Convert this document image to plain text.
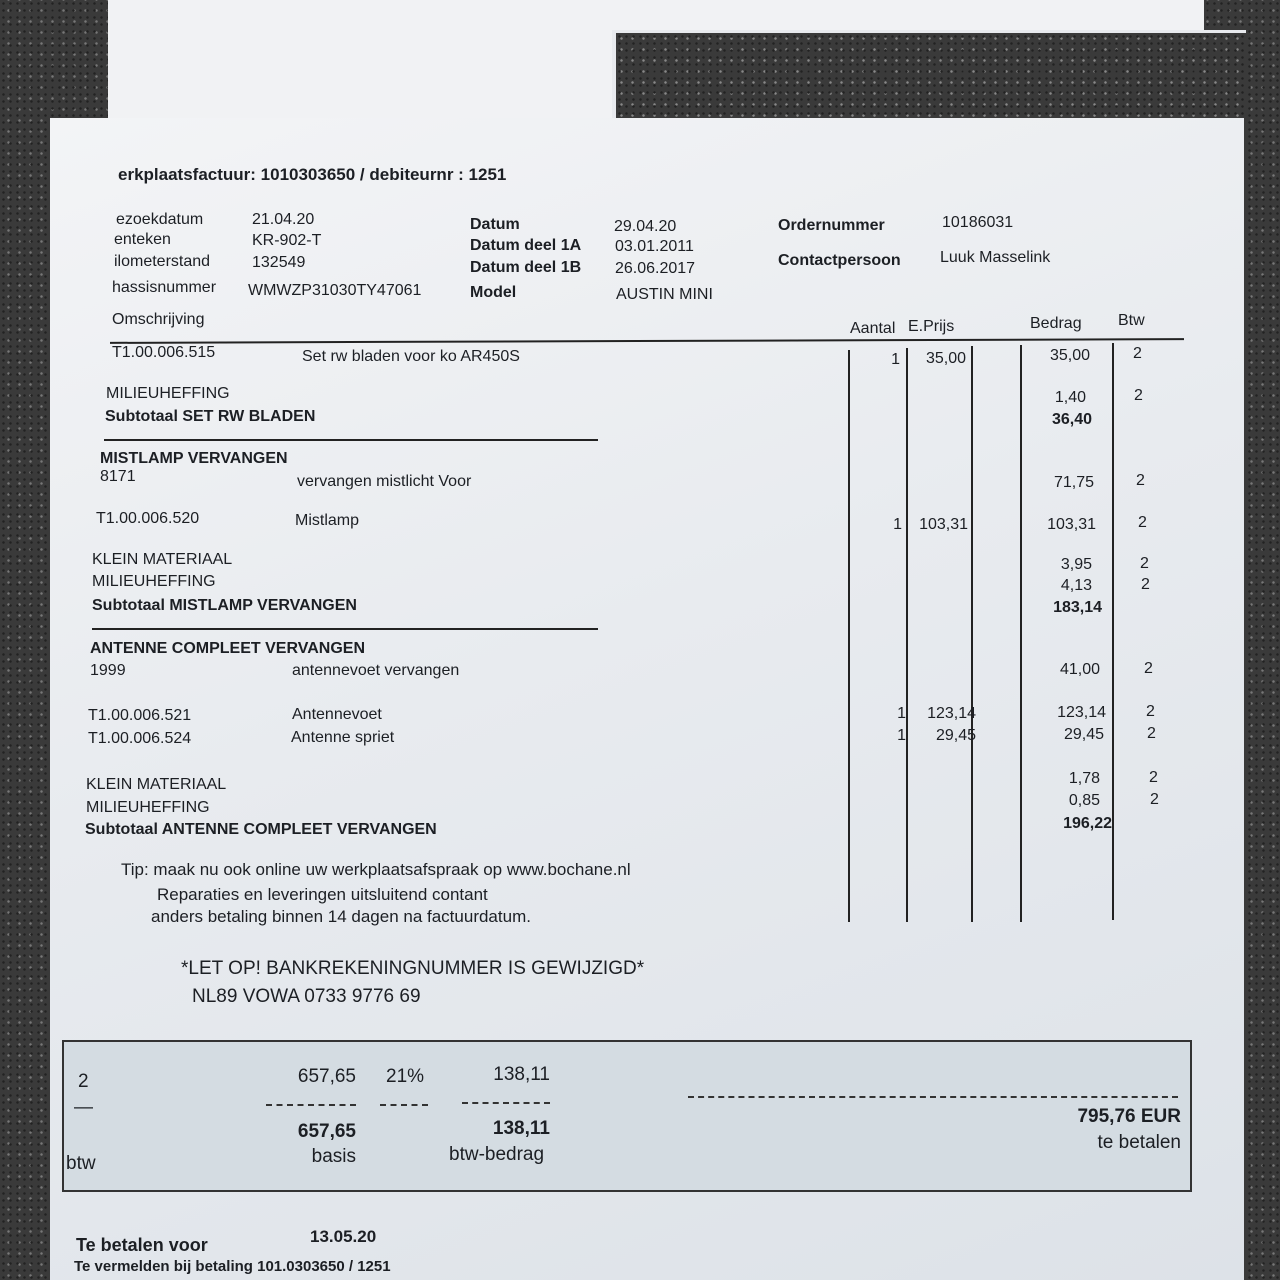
erkplaatsfactuur: 1010303650 / debiteurnr : 1251
ezoekdatum	21.04.20
enteken	KR-902-T
ilometerstand	132549
hassisnummer WMWZP31030TY47061
Datum	29.04.20
Datum deel 1A 03.01.2011
Datum deel 1B 26.06.2017
Model	AUSTIN MINI
Ordernummer	10186031
Contactpersoon Luuk Masselink
Omschrijving
Aantal E.Prijs	Bedrag Btw
T1.00.006.515	Set rw bladen voor ko AR450S	1	35,00	35,00	2
MILIEUHEFFING	1,40	2
Subtotaal SET RW BLADEN	36,40
MISTLAMP VERVANGEN
8171	vervangen mistlicht Voor	71,75	2
T1.00.006.520	Mistlamp	1	103,31	103,31	2
KLEIN MATERIAAL	3,95	2
MILIEUHEFFING	4,13	2
Subtotaal MISTLAMP VERVANGEN	183,14
ANTENNE COMPLEET VERVANGEN
1999	antennevoet vervangen	41,00	2
T1.00.006.521	Antennevoet	1	123,14	123,14	2
T1.00.006.524	Antenne spriet	1	29,45	29,45	2
KLEIN MATERIAAL	1,78	2
MILIEUHEFFING	0,85	2
Subtotaal ANTENNE COMPLEET VERVANGEN	196,22
Tip: maak nu ook online uw werkplaatsafspraak op www.bochane.nl
Reparaties en leveringen uitsluitend contant
anders betaling binnen 14 dagen na factuurdatum.
*LET OP! BANKREKENINGNUMMER IS GEWIJZIGD*
NL89 VOWA 0733 9776 69
2
—
657,65 21%	138,11
657,65	138,11
btw	basis	btw-bedrag
795,76 EUR
te betalen
Te betalen voor	13.05.20
Te vermelden bij betaling 101.0303650 / 1251
